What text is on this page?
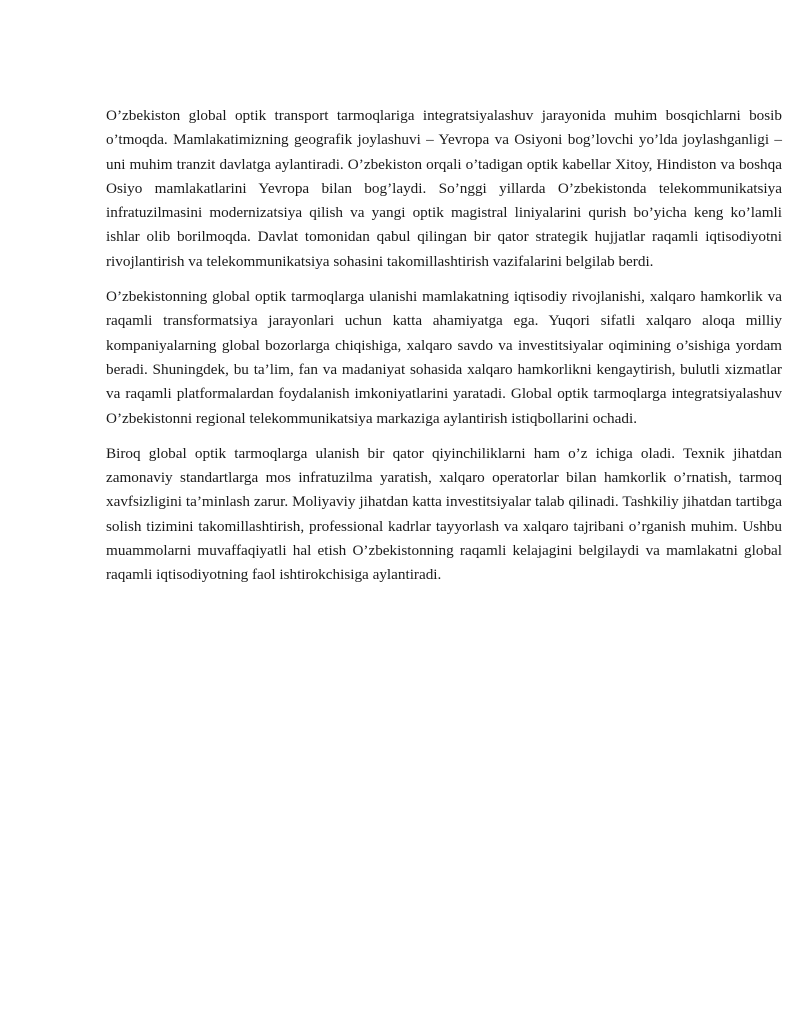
O’zbekiston global optik transport tarmoqlariga integratsiyalashuv jarayonida muhim bosqichlarni bosib o’tmoqda. Mamlakatimizning geografik joylashuvi – Yevropa va Osiyoni bog’lovchi yo’lda joylashganligi – uni muhim tranzit davlatga aylantiradi. O’zbekiston orqali o’tadigan optik kabellar Xitoy, Hindiston va boshqa Osiyo mamlakatlarini Yevropa bilan bog’laydi. So’nggi yillarda O’zbekistonda telekommunikatsiya infratuzilmasini modernizatsiya qilish va yangi optik magistral liniyalarini qurish bo’yicha keng ko’lamli ishlar olib borilmoqda. Davlat tomonidan qabul qilingan bir qator strategik hujjatlar raqamli iqtisodiyotni rivojlantirish va telekommunikatsiya sohasini takomillashtirish vazifalarini belgilab berdi.

O’zbekistonning global optik tarmoqlarga ulanishi mamlakatning iqtisodiy rivojlanishi, xalqaro hamkorlik va raqamli transformatsiya jarayonlari uchun katta ahamiyatga ega. Yuqori sifatli xalqaro aloqa milliy kompaniyalarning global bozorlarga chiqishiga, xalqaro savdo va investitsiyalar oqimining o’sishiga yordam beradi. Shuningdek, bu ta’lim, fan va madaniyat sohasida xalqaro hamkorlikni kengaytirish, bulutli xizmatlar va raqamli platformalardan foydalanish imkoniyatlarini yaratadi. Global optik tarmoqlarga integratsiyalashuv O’zbekistonni regional telekommunikatsiya markaziga aylantirish istiqbollarini ochadi.

Biroq global optik tarmoqlarga ulanish bir qator qiyinchiliklarni ham o’z ichiga oladi. Texnik jihatdan zamonaviy standartlarga mos infratuzilma yaratish, xalqaro operatorlar bilan hamkorlik o’rnatish, tarmoq xavfsizligini ta’minlash zarur. Moliyaviy jihatdan katta investitsiyalar talab qilinadi. Tashkiliy jihatdan tartibga solish tizimini takomillashtirish, professional kadrlar tayyorlash va xalqaro tajribani o’rganish muhim. Ushbu muammolarni muvaffaqiyatli hal etish O’zbekistonning raqamli kelajagini belgilaydi va mamlakatni global raqamli iqtisodiyotning faol ishtirokchisiga aylantiradi.
